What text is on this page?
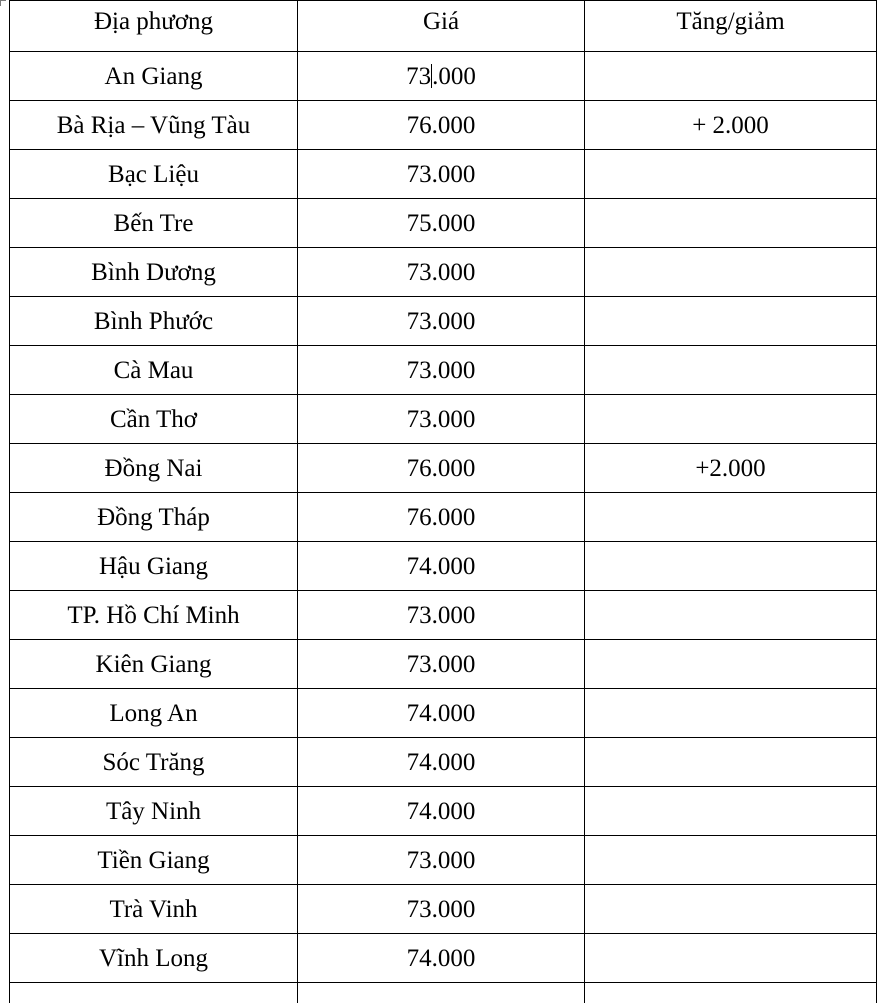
Địa phương	Giá	Tăng/giảm
An Giang	73.000	
Bà Rịa – Vũng Tàu	76.000	+ 2.000
Bạc Liệu	73.000	
Bến Tre	75.000	
Bình Dương	73.000	
Bình Phước	73.000	
Cà Mau	73.000	
Cần Thơ	73.000	
Đồng Nai	76.000	+2.000
Đồng Tháp	76.000	
Hậu Giang	74.000	
TP. Hồ Chí Minh	73.000	
Kiên Giang	73.000	
Long An	74.000	
Sóc Trăng	74.000	
Tây Ninh	74.000	
Tiền Giang	73.000	
Trà Vinh	73.000	
Vĩnh Long	74.000	
